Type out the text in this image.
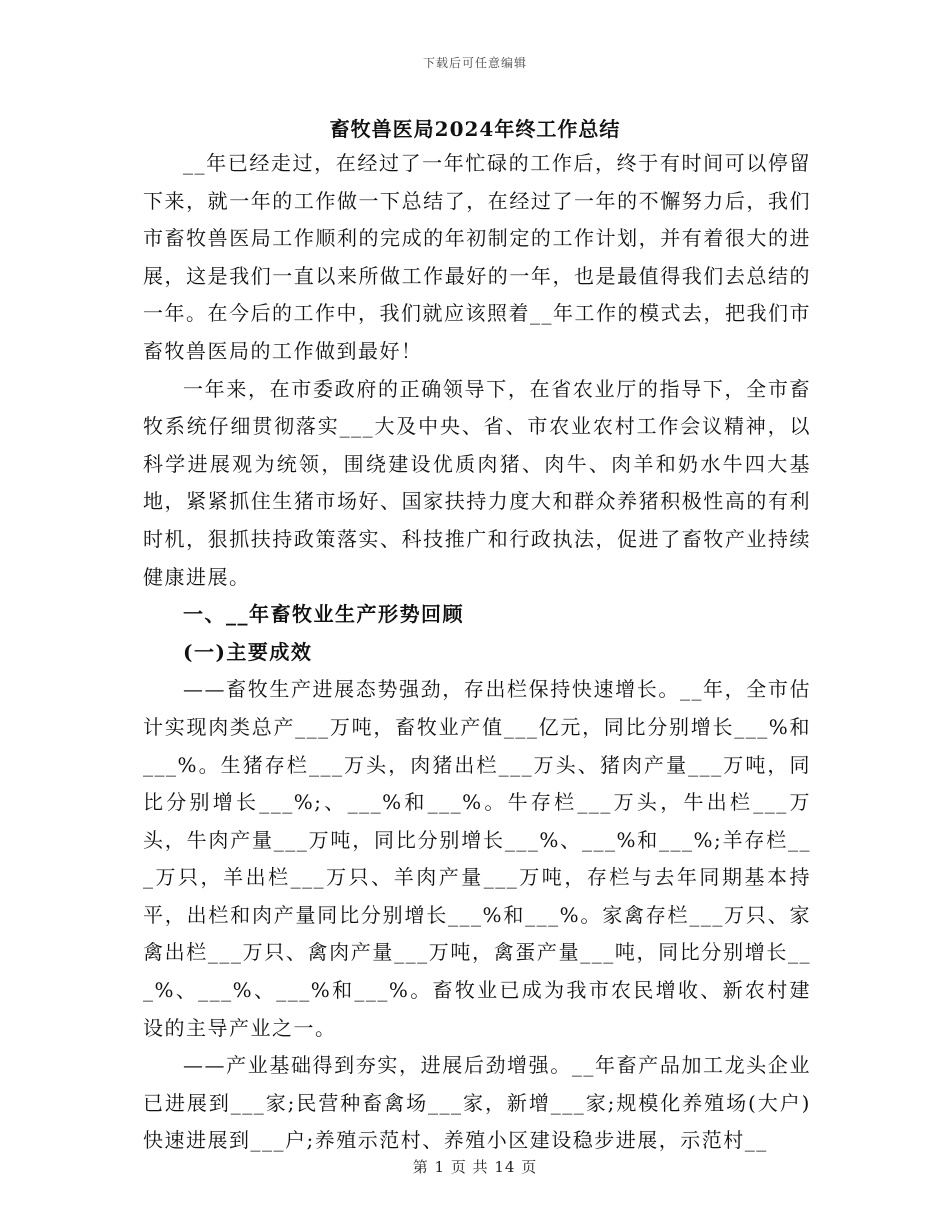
下载后可任意编辑
畜牧兽医局2024年终工作总结

__年已经走过，在经过了一年忙碌的工作后，终于有时间可以停留下来，就一年的工作做一下总结了，在经过了一年的不懈努力后，我们市畜牧兽医局工作顺利的完成的年初制定的工作计划，并有着很大的进展，这是我们一直以来所做工作最好的一年，也是最值得我们去总结的一年。在今后的工作中，我们就应该照着__年工作的模式去，把我们市畜牧兽医局的工作做到最好！

一年来，在市委政府的正确领导下，在省农业厅的指导下，全市畜牧系统仔细贯彻落实___大及中央、省、市农业农村工作会议精神，以科学进展观为统领，围绕建设优质肉猪、肉牛、肉羊和奶水牛四大基地，紧紧抓住生猪市场好、国家扶持力度大和群众养猪积极性高的有利时机，狠抓扶持政策落实、科技推广和行政执法，促进了畜牧产业持续健康进展。

一、__年畜牧业生产形势回顾
(一)主要成效

——畜牧生产进展态势强劲，存出栏保持快速增长。__年，全市估计实现肉类总产___万吨，畜牧业产值___亿元，同比分别增长___%和___%。生猪存栏___万头，肉猪出栏___万头、猪肉产量___万吨，同比分别增长___%;、___%和___%。牛存栏___万头，牛出栏___万头，牛肉产量___万吨，同比分别增长___%、___%和___%;羊存栏___万只，羊出栏___万只、羊肉产量___万吨，存栏与去年同期基本持平，出栏和肉产量同比分别增长___%和___%。家禽存栏___万只、家禽出栏___万只、禽肉产量___万吨，禽蛋产量___吨，同比分别增长___%、___%、___%和___%。畜牧业已成为我市农民增收、新农村建设的主导产业之一。

——产业基础得到夯实，进展后劲增强。__年畜产品加工龙头企业已进展到___家;民营种畜禽场___家，新增___家;规模化养殖场(大户)快速进展到___户;养殖示范村、养殖小区建设稳步进展，示范村__

第 1 页 共 14 页
